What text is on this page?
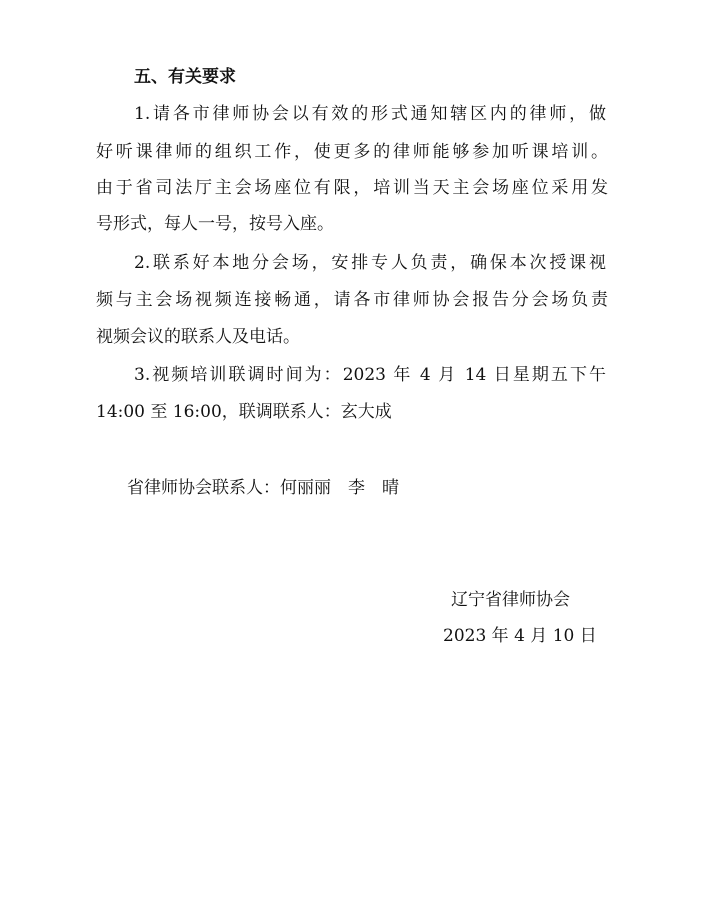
五、有关要求
1.请各市律师协会以有效的形式通知辖区内的律师，做
好听课律师的组织工作，使更多的律师能够参加听课培训。
由于省司法厅主会场座位有限，培训当天主会场座位采用发
号形式，每人一号，按号入座。
2.联系好本地分会场，安排专人负责，确保本次授课视
频与主会场视频连接畅通，请各市律师协会报告分会场负责
视频会议的联系人及电话。
3.视频培训联调时间为：2023 年 4 月 14 日星期五下午
14:00 至 16:00，联调联系人：玄大成
省律师协会联系人：何丽丽　李　晴
辽宁省律师协会
2023 年 4 月 10 日
